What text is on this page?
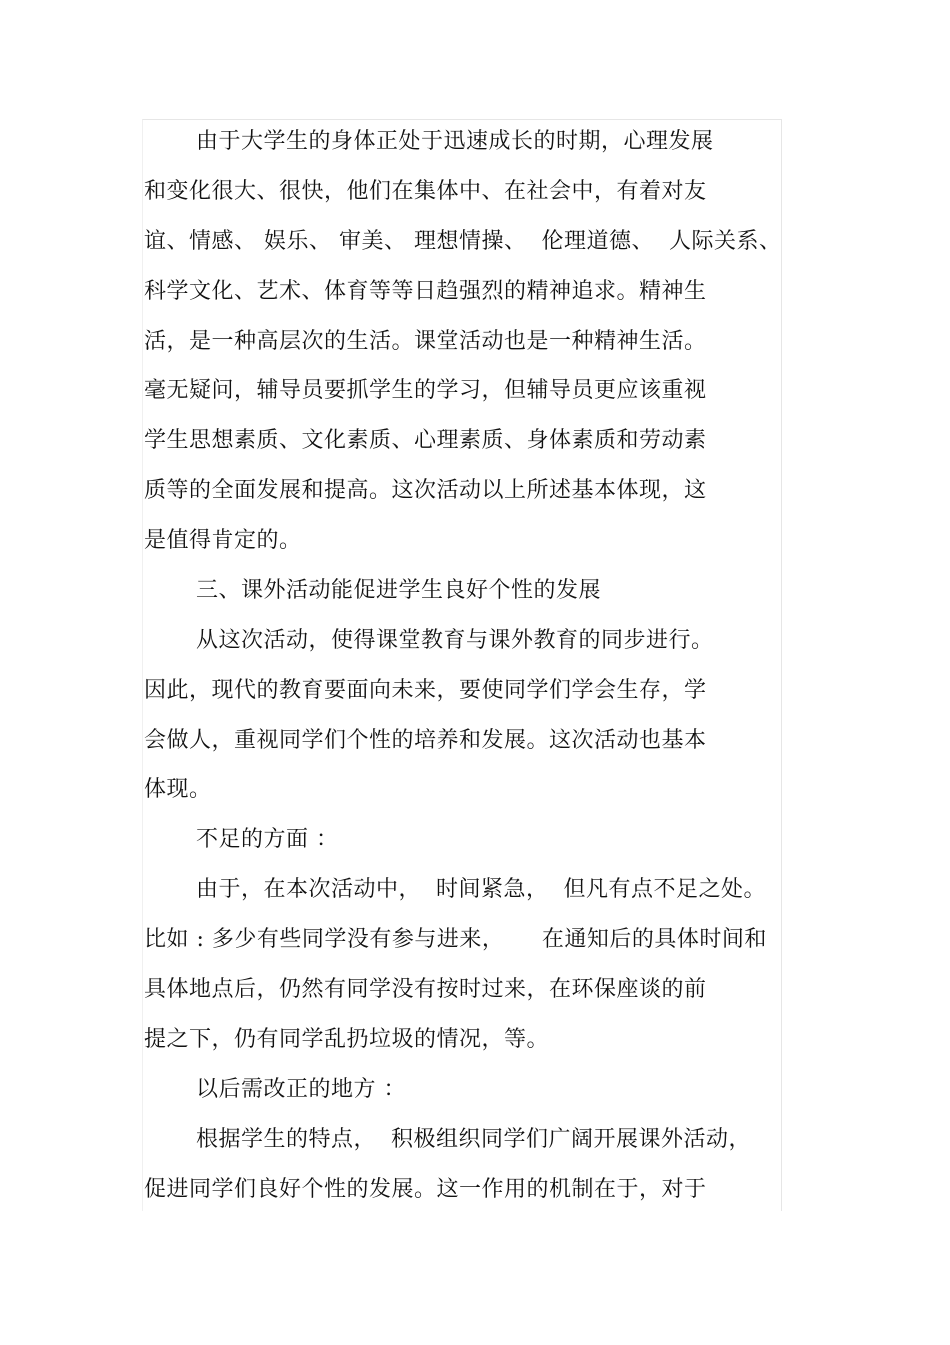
由于大学生的身体正处于迅速成长的时期，心理发展
和变化很大、很快，他们在集体中、在社会中，有着对友
谊、情感、 娱乐、 审美、 理想情操、  伦理道德、  人际关系、
科学文化、艺术、体育等等日趋强烈的精神追求。精神生
活，是一种高层次的生活。课堂活动也是一种精神生活。
毫无疑问，辅导员要抓学生的学习，但辅导员更应该重视
学生思想素质、文化素质、心理素质、身体素质和劳动素
质等的全面发展和提高。这次活动以上所述基本体现，这
是值得肯定的。
三、课外活动能促进学生良好个性的发展
从这次活动，使得课堂教育与课外教育的同步进行。
因此，现代的教育要面向未来，要使同学们学会生存，学
会做人，重视同学们个性的培养和发展。这次活动也基本
体现。
不足的方面 ：
由于，在本次活动中，  时间紧急，  但凡有点不足之处。
比如 : 多少有些同学没有参与进来，     在通知后的具体时间和
具体地点后，仍然有同学没有按时过来，在环保座谈的前
提之下，仍有同学乱扔垃圾的情况，等。
以后需改正的地方 ：
根据学生的特点，  积极组织同学们广阔开展课外活动，
促进同学们良好个性的发展。这一作用的机制在于，对于
